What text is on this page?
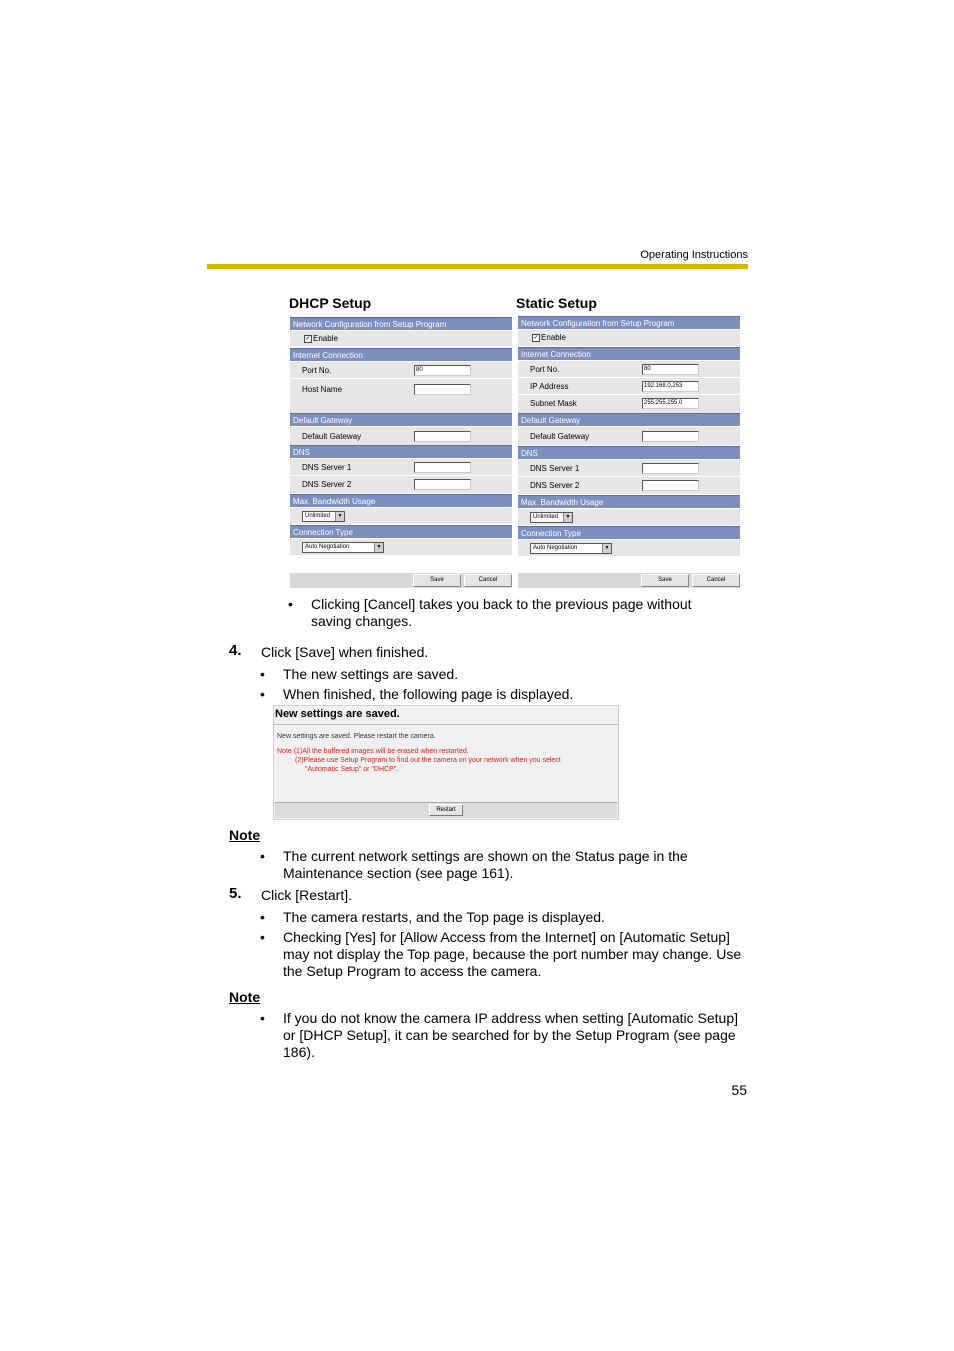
Operating Instructions
DHCP Setup
Network Configuration from Setup Program
✓ Enable
Internet Connection
Port No.	80
Host Name
Default Gateway
Default Gateway
DNS
DNS Server 1
DNS Server 2
Max. Bandwidth Usage
Unlimited	▼
Connection Type
Auto Negotiation	▼
Save	Cancel
Static Setup
Network Configuration from Setup Program
✓ Enable
Internet Connection
Port No.	80
IP Address	192.168.0.253
Subnet Mask	255.255.255.0
Default Gateway
Default Gateway
DNS
DNS Server 1
DNS Server 2
Max. Bandwidth Usage
Unlimited	▼
Connection Type
Auto Negotiation	▼
Save	Cancel
• Clicking [Cancel] takes you back to the previous page without
saving changes.
4. Click [Save] when finished.
• The new settings are saved.
• When finished, the following page is displayed.
New settings are saved.
New settings are saved. Please restart the camera.
Note (1)All the buffered images will be erased when restarted.
(2)Please use Setup Program to find out the camera on your network when you select
"Automatic Setup" or "DHCP".
Restart
Note
• The current network settings are shown on the Status page in the
Maintenance section (see page 161).
5. Click [Restart].
• The camera restarts, and the Top page is displayed.
• Checking [Yes] for [Allow Access from the Internet] on [Automatic Setup]
may not display the Top page, because the port number may change. Use
the Setup Program to access the camera.
Note
• If you do not know the camera IP address when setting [Automatic Setup]
or [DHCP Setup], it can be searched for by the Setup Program (see page
186).
55
